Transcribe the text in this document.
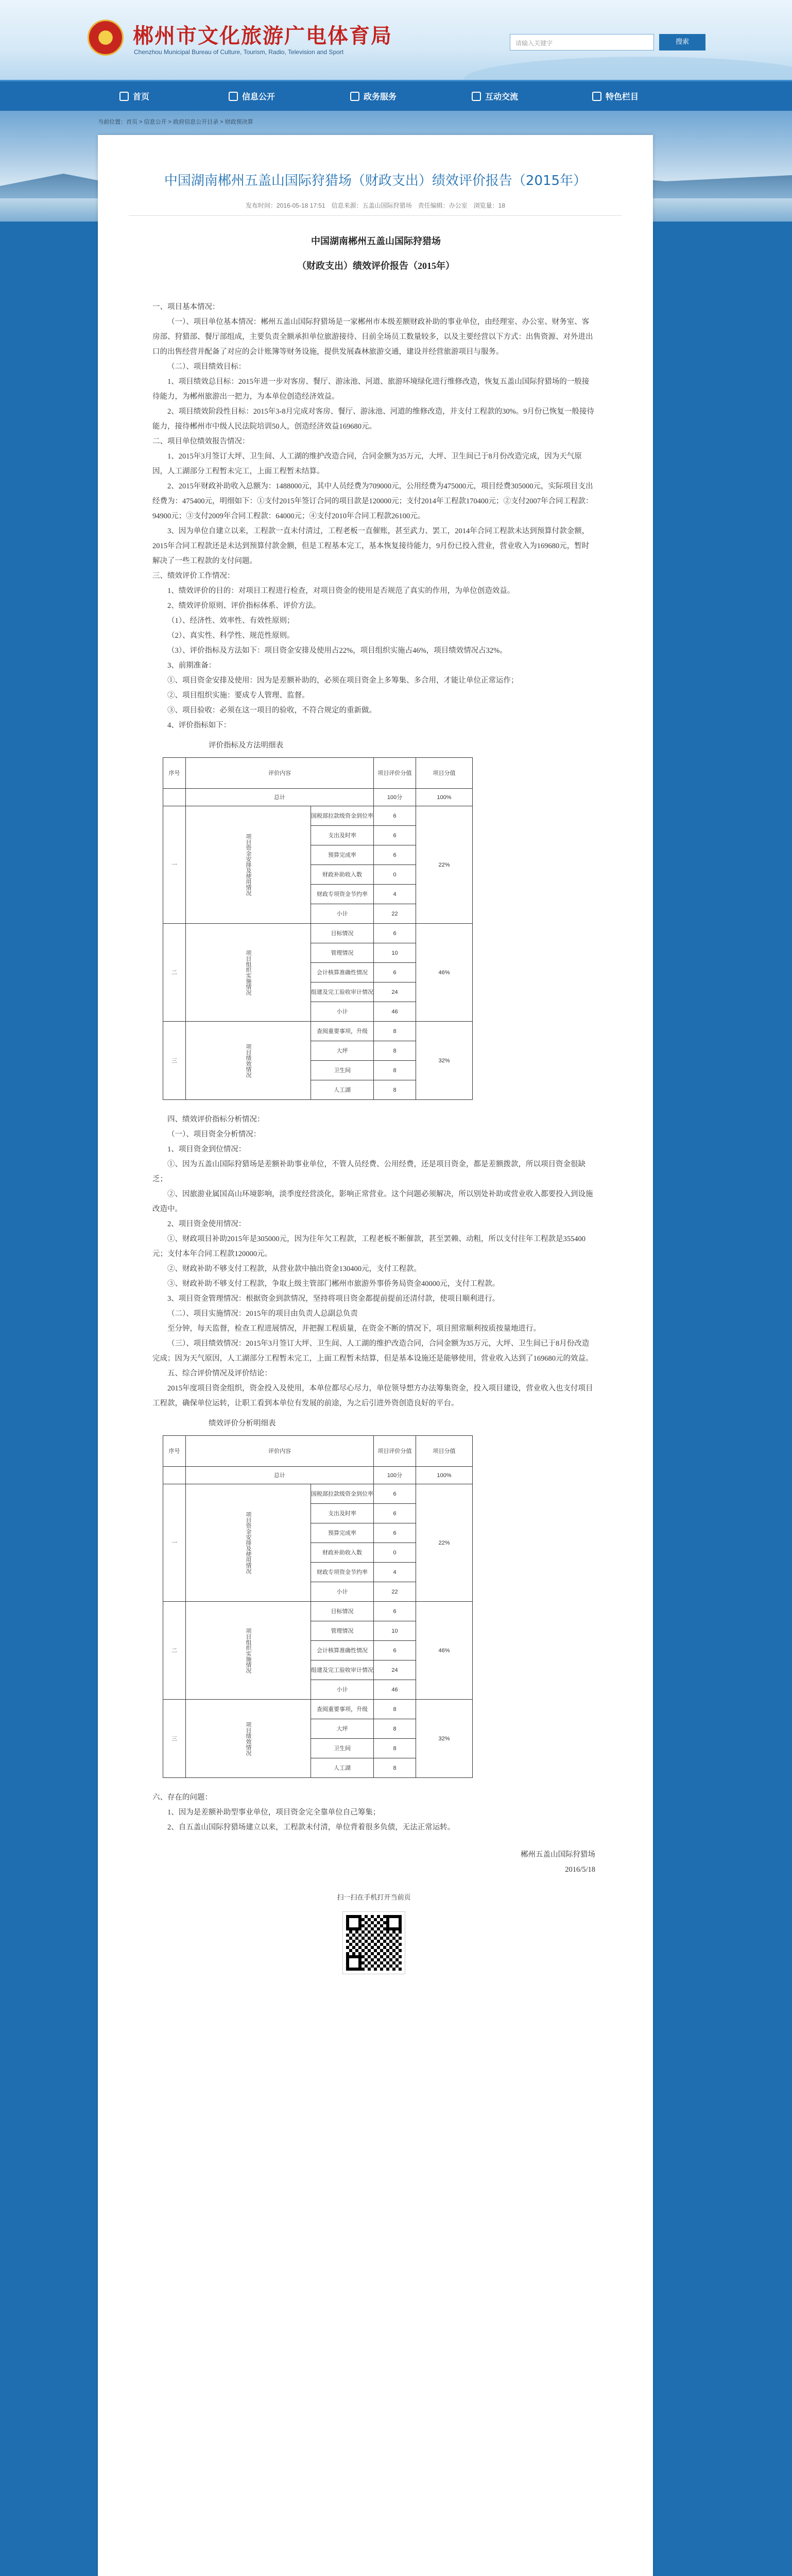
郴州市文化旅游广电体育局
Chenzhou Municipal Bureau of Culture, Tourism, Radio, Television and Sport
请输入关键字	搜索
首页	信息公开	政务服务	互动交流	特色栏目
当前位置：首页 > 信息公开 > 政府信息公开目录 > 财政预决算
中国湖南郴州五盖山国际狩猎场（财政支出）绩效评价报告（2015年）
发布时间：2016-05-18 17:51　信息来源：五盖山国际狩猎场　责任编辑：办公室　浏览量：18
中国湖南郴州五盖山国际狩猎场
（财政支出）绩效评价报告（2015年）

一、项目基本情况：

（一）、项目单位基本情况：郴州五盖山国际狩猎场是一家郴州市本级差额财政补助的事业单位，由经理室、办公室、财务室、客房部、狩猎部、餐厅部组成，主要负责全额承担单位旅游接待、目前全场员工数量较多，以及主要经营以下方式：出售资源、对外进出口的出售经营并配备了对应的会计账簿等财务设施，提供发展森林旅游交通，建设并经营旅游项目与服务。

（二）、项目绩效目标：

1、项目绩效总目标：2015年进一步对客房、餐厅、游泳池、河道、旅游环境绿化进行维修改造，恢复五盖山国际狩猎场的一般接待能力，为郴州旅游出一把力，为本单位创造经济效益。

2、项目绩效阶段性目标：2015年3-8月完成对客房、餐厅、游泳池、河道的维修改造，并支付工程款的30%。9月份已恢复一般接待能力，接待郴州市中级人民法院培训50人，创造经济效益169680元。

二、项目单位绩效报告情况：

1、2015年3月签订大坪、卫生间、人工湖的维护改造合同，合同金额为35万元，大坪、卫生间已于8月份改造完成，因为天气原因，人工湖部分工程暂未完工，上面工程暂未结算。

2、2015年财政补助收入总额为：1488000元，其中人员经费为709000元，公用经费为475000元，项目经费305000元，实际项目支出经费为：475400元，明细如下：①支付2015年签订合同的项目款是120000元；支付2014年工程款170400元；②支付2007年合同工程款：94900元；③支付2009年合同工程款：64000元；④支付2010年合同工程款26100元。

3、因为单位自建立以来，工程款一直未付清过，工程老板一直催账，甚至武力、罢工，2014年合同工程款未达到预算付款金额，2015年合同工程款还是未达到预算付款金额，但是工程基本完工，基本恢复接待能力，9月份已投入营业，营业收入为169680元，暂时解决了一些工程款的支付问题。

三、绩效评价工作情况：

1、绩效评价的目的：对项目工程进行检查，对项目资金的使用是否规范了真实的作用，为单位创造效益。

2、绩效评价原则、评价指标体系、评价方法。

（1）、经济性、效率性、有效性原则；

（2）、真实性、科学性、规范性原则。

（3）、评价指标及方法如下：项目资金安排及使用占22%，项目组织实施占46%，项目绩效情况占32%。

3、前期准备：

①、项目资金安排及使用：因为是差额补助的，必须在项目资金上多筹集、多合用，才能让单位正常运作；

②、项目组织实施：要成专人管理、监督。

③、项目验收：必须在这一项目的验收，不符合规定的重新做。

4、评价指标如下：

评价指标及方法明细表

序号	评价内容		项目评价分值	项目分值
	总计		100分	100%
一	项目资金安排及使用情况	国税部拉款级资金到位率	6	22%
		支出及时率	6	
		预算完成率	6	
		财政补助收入数	0	
		财政专项资金节约率	4	
		小计	22	
二	项目组织实施情况	目标情况	6	46%
		管理情况	10	
		会计核算准确性情况	6	
		组建及完工验收审计情况	24	
		小计	46	
三	项目绩效情况	查阅重要事项，升级	8	32%
		大坪	8	
		卫生间	8	
		人工湖	8	

四、绩效评价指标分析情况：

（一）、项目资金分析情况：

1、项目资金到位情况：

①、因为五盖山国际狩猎场是差额补助事业单位，不管人员经费、公用经费，还是项目资金，都是差额拨款，所以项目资金很缺乏；

②、因旅游业属国高山环境影响，淡季度经营淡化，影响正常营业。这个问题必须解决，所以别处补助或营业收入都要投入到设施改造中。

2、项目资金使用情况：

①、财政项目补助2015年是305000元，因为往年欠工程款，工程老板不断催款，甚至罢赖、动粗，所以支付往年工程款是355400元；支付本年合同工程款120000元。

②、财政补助不够支付工程款，从营业款中抽出资金130400元，支付工程款。

③、财政补助不够支付工程款，争取上级主管部门郴州市旅游外事侨务局资金40000元，支付工程款。

3、项目资金管理情况：根据资金到款情况，坚持将项目资金都提前提前还清付款，使项目顺利进行。

（二）、项目实施情况：2015年的项目由负责人总副总负责

至分钟，每天监督，检查工程进展情况，并把握工程质量，在资金不断的情况下，项目照常顺利按质按量地进行。

（三）、项目绩效情况：2015年3月签订大坪、卫生间、人工湖的维护改造合同，合同金额为35万元，大坪、卫生间已于8月份改造完成；因为天气原因，人工湖部分工程暂未完工，上面工程暂未结算，但是基本设施还是能够使用，营业收入达到了169680元的效益。

五、综合评价情况及评价结论：

2015年度项目资金组织，资金投入及使用，本单位都尽心尽力，单位领导想方办法筹集资金，投入项目建设，营业收入也支付项目工程款，确保单位运转，让职工看到本单位有发展的前途，为之后引进外资创造良好的平台。

绩效评价分析明细表

序号	评价内容		项目评价分值	项目分值
	总计		100分	100%
一	项目资金安排及使用情况	国税部拉款级资金到位率	6	22%
		支出及时率	6	
		预算完成率	6	
		财政补助收入数	0	
		财政专项资金节约率	4	
		小计	22	
二	项目组织实施情况	目标情况	6	46%
		管理情况	10	
		会计核算准确性情况	6	
		组建及完工验收审计情况	24	
		小计	46	
三	项目绩效情况	查阅重要事项，升级	8	32%
		大坪	8	
		卫生间	8	
		人工湖	8	

六、存在的问题：

1、因为是差额补助型事业单位，项目资金完全靠单位自己筹集；

2、自五盖山国际狩猎场建立以来，工程款未付清，单位背着很多负债，无法正常运转。

郴州五盖山国际狩猎场

2016/5/18

扫一扫在手机打开当前页
